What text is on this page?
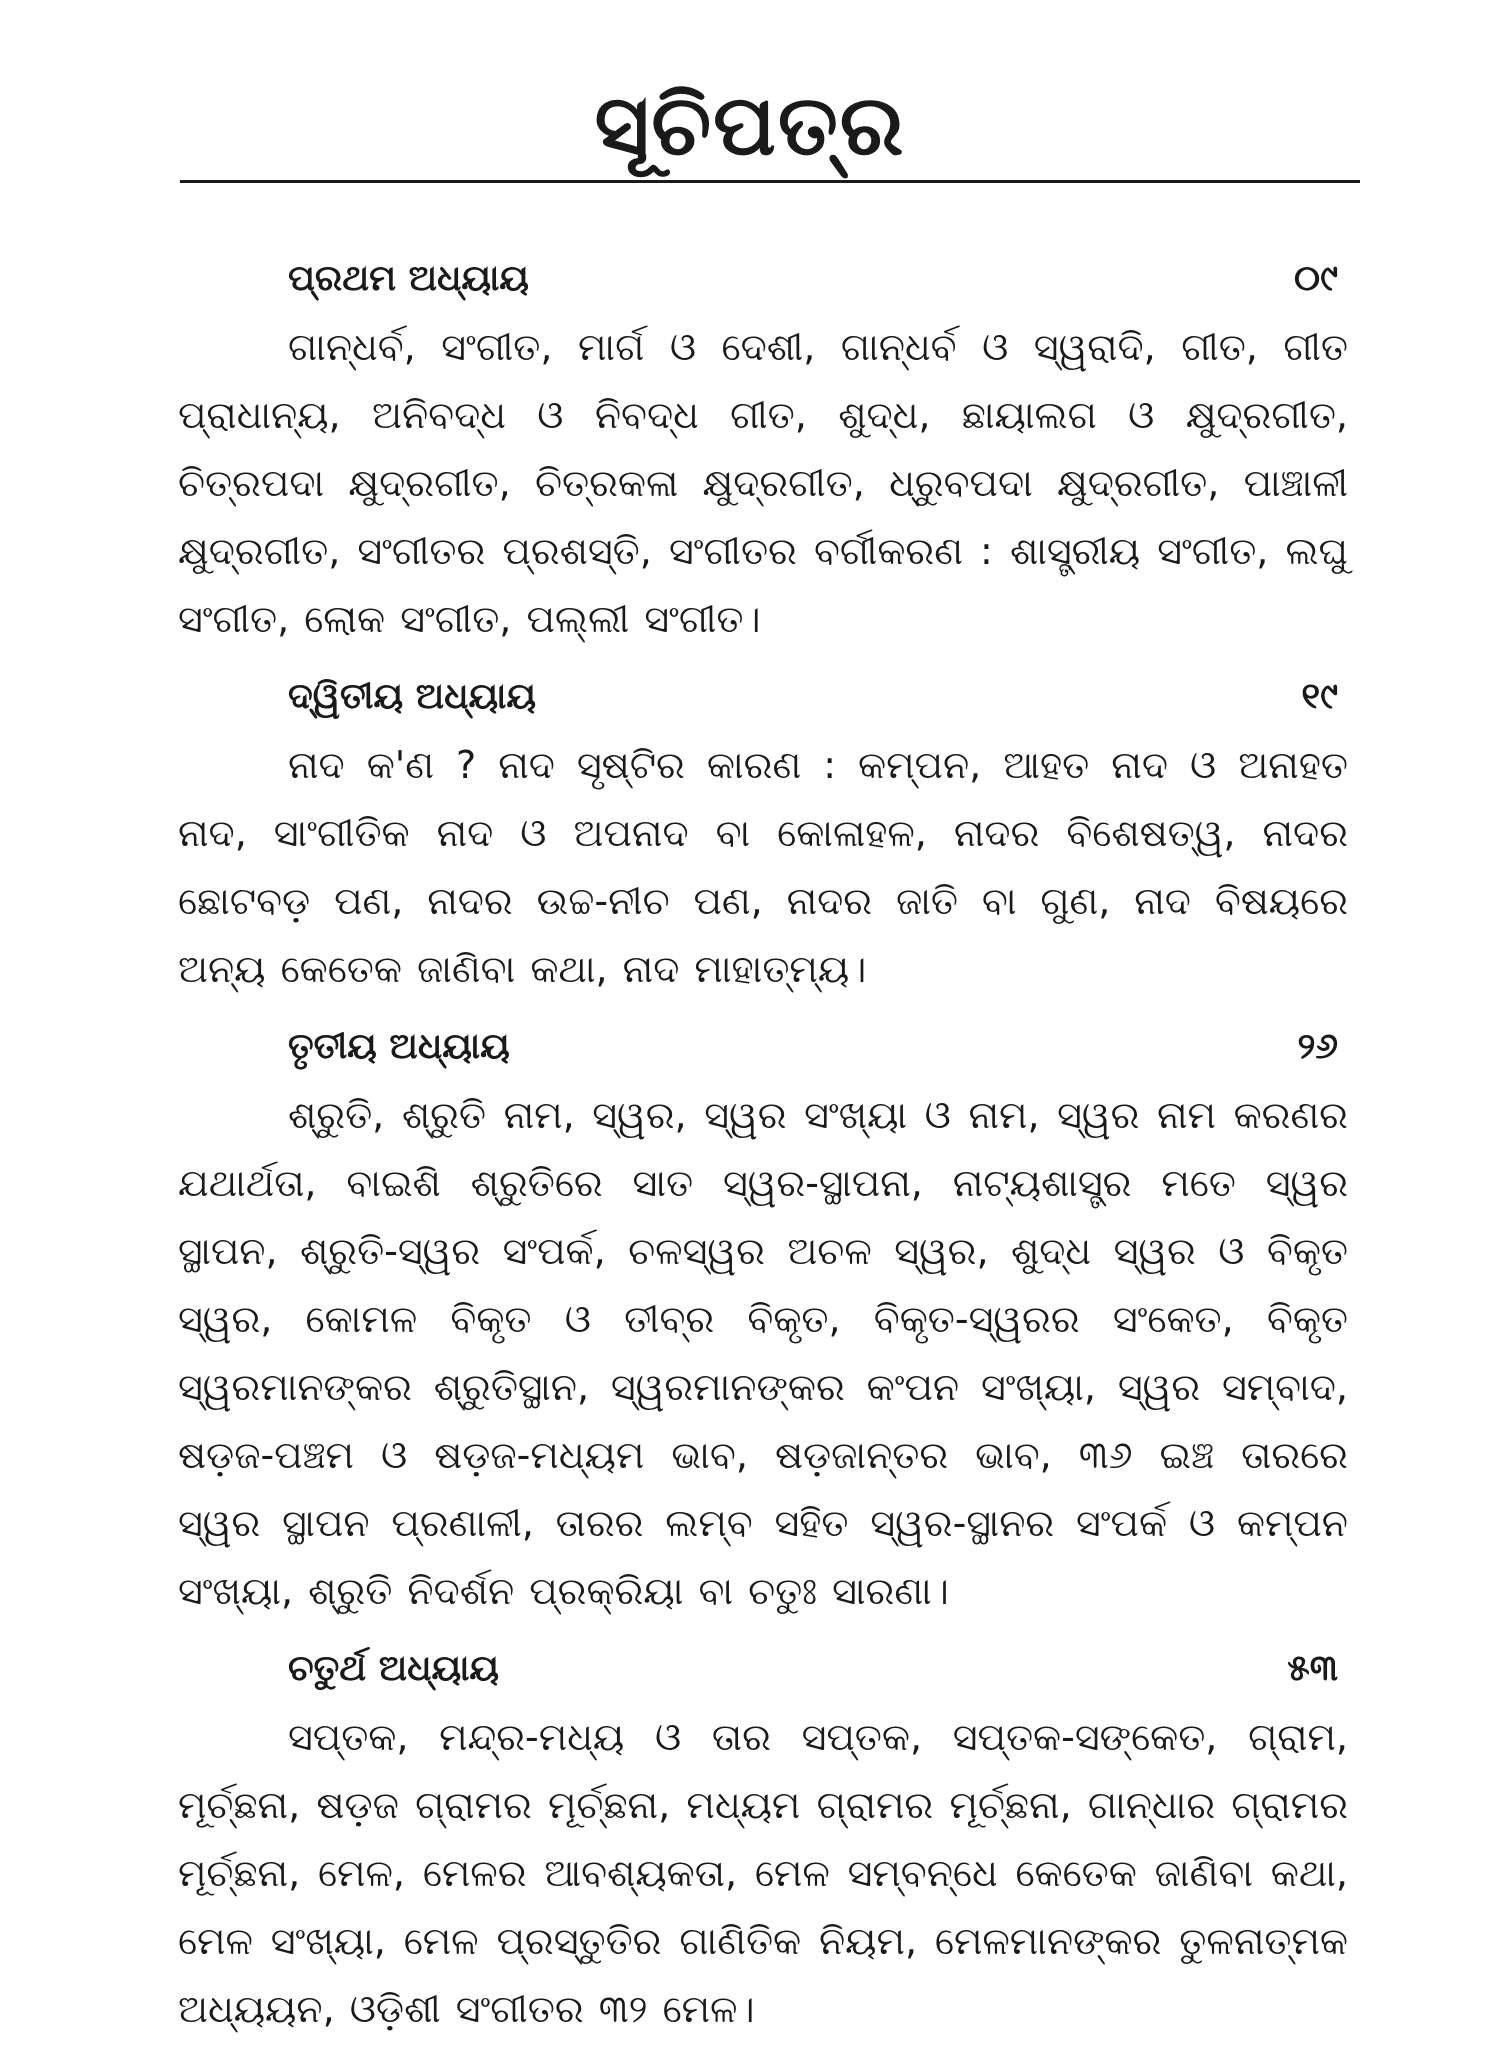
ସୂଚିପତ୍ର
ପ୍ରଥମ ଅଧ୍ୟାୟ	୦୯

ଗାନ୍ଧର୍ବ, ସଂଗୀତ, ମାର୍ଗ ଓ ଦେଶୀ, ଗାନ୍ଧର୍ବ ଓ ସ୍ୱରାଦି, ଗୀତ, ଗୀତ ପ୍ରାଧାନ୍ୟ, ଅନିବଦ୍ଧ ଓ ନିବଦ୍ଧ ଗୀତ, ଶୁଦ୍ଧ, ଛାୟାଲଗ ଓ କ୍ଷୁଦ୍ରଗୀତ, ଚିତ୍ରପଦା କ୍ଷୁଦ୍ରଗୀତ, ଚିତ୍ରକଳା କ୍ଷୁଦ୍ରଗୀତ, ଧ୍ରୁବପଦା କ୍ଷୁଦ୍ରଗୀତ, ପାଞ୍ଚାଳୀ କ୍ଷୁଦ୍ରଗୀତ, ସଂଗୀତର ପ୍ରଶସ୍ତି, ସଂଗୀତର ବର୍ଗୀକରଣ : ଶାସ୍ତ୍ରୀୟ ସଂଗୀତ, ଲଘୁ ସଂଗୀତ, ଲୋକ ସଂଗୀତ, ପଲ୍ଲୀ ସଂଗୀତ।

ଦ୍ୱିତୀୟ ଅଧ୍ୟାୟ	୧୯

ନାଦ କ'ଣ ? ନାଦ ସୃଷ୍ଟିର କାରଣ : କମ୍ପନ, ଆହତ ନାଦ ଓ ଅନାହତ ନାଦ, ସାଂଗୀତିକ ନାଦ ଓ ଅପନାଦ ବା କୋଳାହଳ, ନାଦର ବିଶେଷତ୍ୱ, ନାଦର ଛୋଟବଡ଼ ପଣ, ନାଦର ଉଚ୍ଚ-ନୀଚ ପଣ, ନାଦର ଜାତି ବା ଗୁଣ, ନାଦ ବିଷୟରେ ଅନ୍ୟ କେତେକ ଜାଣିବା କଥା, ନାଦ ମାହାତ୍ମ୍ୟ।

ତୃତୀୟ ଅଧ୍ୟାୟ	୨୬

ଶ୍ରୁତି, ଶ୍ରୁତି ନାମ, ସ୍ୱର, ସ୍ୱର ସଂଖ୍ୟା ଓ ନାମ, ସ୍ୱର ନାମ କରଣର ଯଥାର୍ଥତା, ବାଇଶି ଶ୍ରୁତିରେ ସାତ ସ୍ୱର-ସ୍ଥାପନା, ନାଟ୍ୟଶାସ୍ତ୍ର ମତେ ସ୍ୱର ସ୍ଥାପନ, ଶ୍ରୁତି-ସ୍ୱର ସଂପର୍କ, ଚଳସ୍ୱର ଅଚଳ ସ୍ୱର, ଶୁଦ୍ଧ ସ୍ୱର ଓ ବିକୃତ ସ୍ୱର, କୋମଳ ବିକୃତ ଓ ତୀବ୍ର ବିକୃତ, ବିକୃତ-ସ୍ୱରର ସଂକେତ, ବିକୃତ ସ୍ୱରମାନଙ୍କର ଶ୍ରୁତିସ୍ଥାନ, ସ୍ୱରମାନଙ୍କର କଂପନ ସଂଖ୍ୟା, ସ୍ୱର ସମ୍ବାଦ, ଷଡ଼ଜ-ପଞ୍ଚମ ଓ ଷଡ଼ଜ-ମଧ୍ୟମ ଭାବ, ଷଡ଼ଜାନ୍ତର ଭାବ, ୩୬ ଇଞ୍ଚ ତାରରେ ସ୍ୱର ସ୍ଥାପନ ପ୍ରଣାଳୀ, ତାରର ଲମ୍ବ ସହିତ ସ୍ୱର-ସ୍ଥାନର ସଂପର୍କ ଓ କମ୍ପନ ସଂଖ୍ୟା, ଶ୍ରୁତି ନିଦର୍ଶନ ପ୍ରକ୍ରିୟା ବା ଚତୁଃ ସାରଣା।

ଚତୁର୍ଥ ଅଧ୍ୟାୟ	୫୩

ସପ୍ତକ, ମନ୍ଦ୍ର-ମଧ୍ୟ ଓ ତାର ସପ୍ତକ, ସପ୍ତକ-ସଙ୍କେତ, ଗ୍ରାମ, ମୂର୍ଚ୍ଛନା, ଷଡ଼ଜ ଗ୍ରାମର ମୂର୍ଚ୍ଛନା, ମଧ୍ୟମ ଗ୍ରାମର ମୂର୍ଚ୍ଛନା, ଗାନ୍ଧାର ଗ୍ରାମର ମୂର୍ଚ୍ଛନା, ମେଳ, ମେଳର ଆବଶ୍ୟକତା, ମେଳ ସମ୍ବନ୍ଧେ କେତେକ ଜାଣିବା କଥା, ମେଳ ସଂଖ୍ୟା, ମେଳ ପ୍ରସ୍ତୁତିର ଗାଣିତିକ ନିୟମ, ମେଳମାନଙ୍କର ତୁଳନାତ୍ମକ ଅଧ୍ୟୟନ, ଓଡ଼ିଶୀ ସଂଗୀତର ୩୨ ମେଳ।
